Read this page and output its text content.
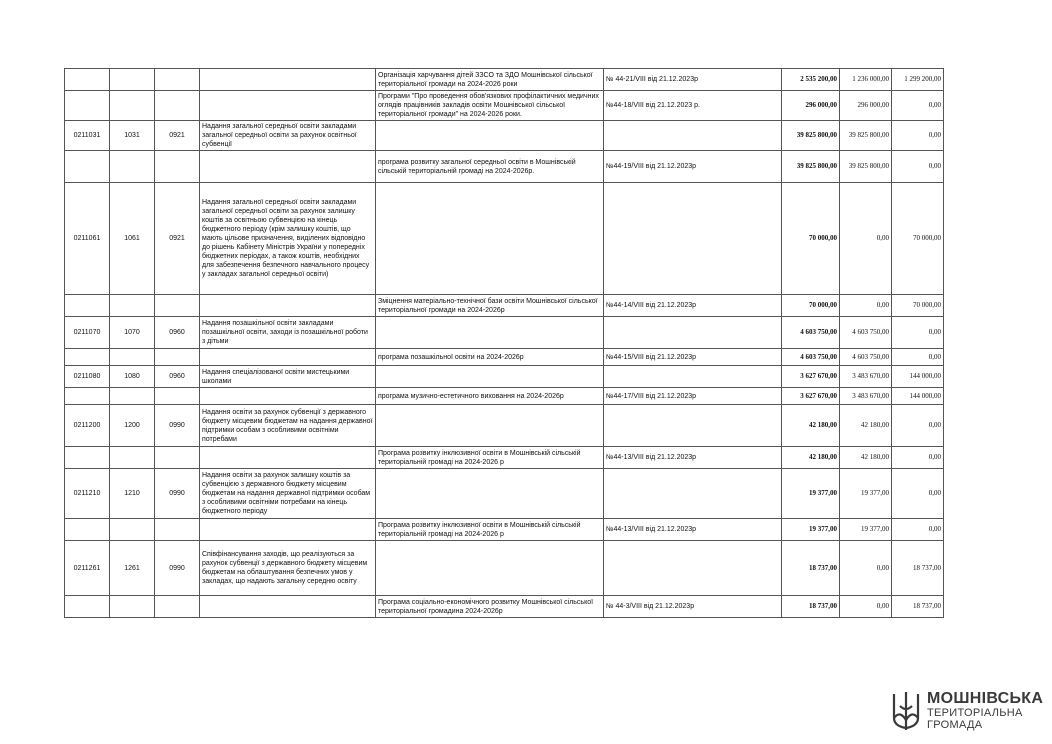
				Організація харчування дітей ЗЗСО та ЗДО Мошнівської сільської територіальної громади на 2024-2026 роки	№ 44-21/VIII від 21.12.2023р	2 535 200,00	1 236 000,00	1 299 200,00
				Програми "Про проведення обов'язкових профілактичних медичних оглядів працівників закладів освіти Мошнівської сільської територіальної громади" на 2024-2026 роки.	№44-18/VIII від 21.12.2023 р.	296 000,00	296 000,00	0,00
0211031	1031	0921	Надання загальної середньої освіти закладами загальної середньої освіти за рахунок освітньої субвенції			39 825 800,00	39 825 800,00	0,00
				програма розвитку загальної середньої освіти в Мошнівській сільській територіальній громаді на 2024-2026р.	№44-19/VIII від 21.12.2023р	39 825 800,00	39 825 800,00	0,00
0211061	1061	0921	Надання загальної середньої освіти закладами загальної середньої освіти за рахунок залишку коштів за освітньою субвенцією на кінець бюджетного періоду (крім залишку коштів, що мають цільове призначення, виділених відповідно до рішень Кабінету Міністрів України у попередніх бюджетних періодах, а також коштів, необхідних для забезпечення безпечного навчального процесу у закладах загальної середньої освіти)			70 000,00	0,00	70 000,00
				Зміцнення матеріально-технічної бази освіти Мошнівської сільської територіальної громади на 2024-2026р	№44-14/VIII від 21.12.2023р	70 000,00	0,00	70 000,00
0211070	1070	0960	Надання позашкільної освіти закладами позашкільної освіти, заходи із позашкільної роботи з дітьми			4 603 750,00	4 603 750,00	0,00
				програма позашкільної освіти на 2024-2026р	№44-15/VIII від 21.12.2023р	4 603 750,00	4 603 750,00	0,00
0211080	1080	0960	Надання спеціалізованої освіти мистецькими школами			3 627 670,00	3 483 670,00	144 000,00
				програма музично-естетичного виховання на 2024-2026р	№44-17/VIII від 21.12.2023р	3 627 670,00	3 483 670,00	144 000,00
0211200	1200	0990	Надання освіти за рахунок субвенції з державного бюджету місцевим бюджетам на надання державної підтримки особам з особливими освітніми потребами			42 180,00	42 180,00	0,00
				Програма розвитку інклюзивної освіти в Мошнівській сільській територіальній громаді на 2024-2026 р	№44-13/VIII від 21.12.2023р	42 180,00	42 180,00	0,00
0211210	1210	0990	Надання освіти за рахунок залишку коштів за субвенцією з державного бюджету місцевим бюджетам на надання державної підтримки особам з особливими освітніми потребами на кінець бюджетного періоду			19 377,00	19 377,00	0,00
				Програма розвитку інклюзивної освіти в Мошнівській сільській територіальній громаді на 2024-2026 р	№44-13/VIII від 21.12.2023р	19 377,00	19 377,00	0,00
0211261	1261	0990	Співфінансування заходів, що реалізуються за рахунок субвенції з державного бюджету місцевим бюджетам на облаштування безпечних умов у закладах, що надають загальну середню освіту			18 737,00	0,00	18 737,00
				Програма соціально-економічного розвитку Мошнівської сільської територіальної громадина 2024-2026р	№ 44-3/VIII від 21.12.2023р	18 737,00	0,00	18 737,00
МОШНІВСЬКА
ТЕРИТОРІАЛЬНА
ГРОМАДА
